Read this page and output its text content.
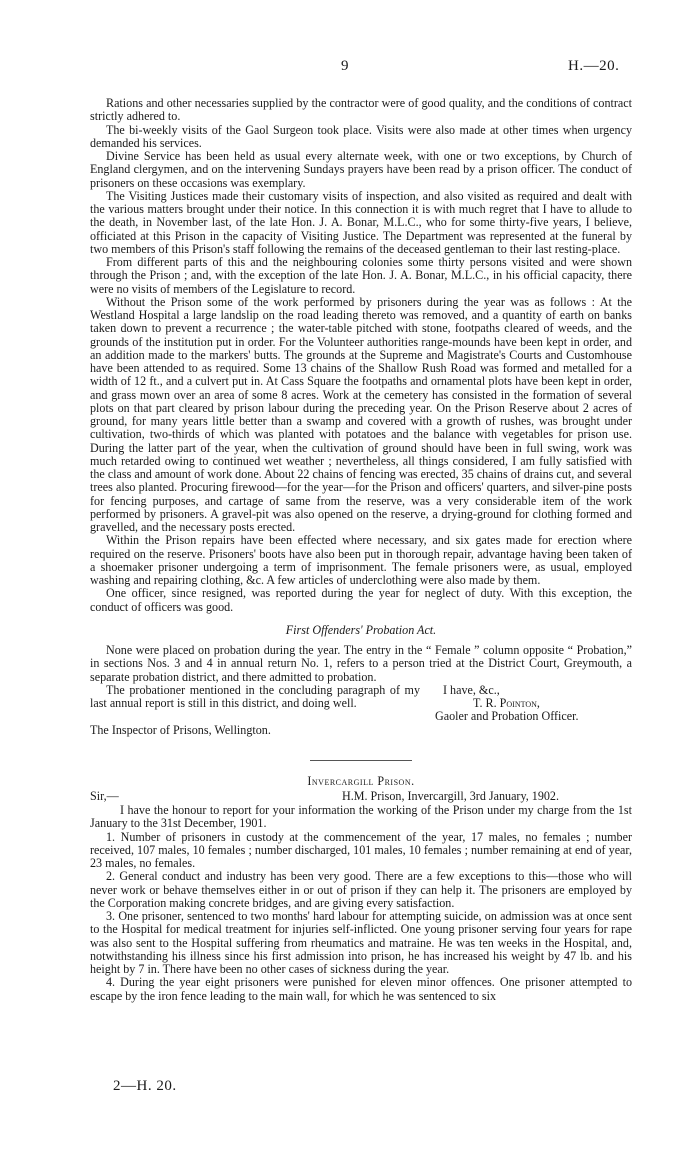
9	H.—20.

Rations and other necessaries supplied by the contractor were of good quality, and the conditions of contract strictly adhered to.

The bi-weekly visits of the Gaol Surgeon took place. Visits were also made at other times when urgency demanded his services.

Divine Service has been held as usual every alternate week, with one or two exceptions, by Church of England clergymen, and on the intervening Sundays prayers have been read by a prison officer. The conduct of prisoners on these occasions was exemplary.

The Visiting Justices made their customary visits of inspection, and also visited as required and dealt with the various matters brought under their notice. In this connection it is with much regret that I have to allude to the death, in November last, of the late Hon. J. A. Bonar, M.L.C., who for some thirty-five years, I believe, officiated at this Prison in the capacity of Visiting Justice. The Department was represented at the funeral by two members of this Prison's staff following the remains of the deceased gentleman to their last resting-place.

From different parts of this and the neighbouring colonies some thirty persons visited and were shown through the Prison ; and, with the exception of the late Hon. J. A. Bonar, M.L.C., in his official capacity, there were no visits of members of the Legislature to record.

Without the Prison some of the work performed by prisoners during the year was as follows : At the Westland Hospital a large landslip on the road leading thereto was removed, and a quantity of earth on banks taken down to prevent a recurrence ; the water-table pitched with stone, footpaths cleared of weeds, and the grounds of the institution put in order. For the Volunteer authorities range-mounds have been kept in order, and an addition made to the markers' butts. The grounds at the Supreme and Magistrate's Courts and Customhouse have been attended to as required. Some 13 chains of the Shallow Rush Road was formed and metalled for a width of 12 ft., and a culvert put in. At Cass Square the footpaths and ornamental plots have been kept in order, and grass mown over an area of some 8 acres. Work at the cemetery has consisted in the formation of several plots on that part cleared by prison labour during the preceding year. On the Prison Reserve about 2 acres of ground, for many years little better than a swamp and covered with a growth of rushes, was brought under cultivation, two-thirds of which was planted with potatoes and the balance with vegetables for prison use. During the latter part of the year, when the cultivation of ground should have been in full swing, work was much retarded owing to continued wet weather ; nevertheless, all things considered, I am fully satisfied with the class and amount of work done. About 22 chains of fencing was erected, 35 chains of drains cut, and several trees also planted. Procuring firewood—for the year—for the Prison and officers' quarters, and silver-pine posts for fencing purposes, and cartage of same from the reserve, was a very considerable item of the work performed by prisoners. A gravel-pit was also opened on the reserve, a drying-ground for clothing formed and gravelled, and the necessary posts erected.

Within the Prison repairs have been effected where necessary, and six gates made for erection where required on the reserve. Prisoners' boots have also been put in thorough repair, advantage having been taken of a shoemaker prisoner undergoing a term of imprisonment. The female prisoners were, as usual, employed washing and repairing clothing, &c. A few articles of underclothing were also made by them.

One officer, since resigned, was reported during the year for neglect of duty. With this exception, the conduct of officers was good.

First Offenders' Probation Act.

None were placed on probation during the year. The entry in the “ Female ” column opposite “ Probation,” in sections Nos. 3 and 4 in annual return No. 1, refers to a person tried at the District Court, Greymouth, a separate probation district, and there admitted to probation.

The probationer mentioned in the concluding paragraph of my last annual report is still in this district, and doing well.

The Inspector of Prisons, Wellington.
I have, &c.,
T. R. Pointon,
Gaoler and Probation Officer.
Invercargill Prison.
Sir,—	H.M. Prison, Invercargill, 3rd January, 1902.

I have the honour to report for your information the working of the Prison under my charge from the 1st January to the 31st December, 1901.

1. Number of prisoners in custody at the commencement of the year, 17 males, no females ; number received, 107 males, 10 females ; number discharged, 101 males, 10 females ; number remaining at end of year, 23 males, no females.

2. General conduct and industry has been very good. There are a few exceptions to this—those who will never work or behave themselves either in or out of prison if they can help it. The prisoners are employed by the Corporation making concrete bridges, and are giving every satisfaction.

3. One prisoner, sentenced to two months' hard labour for attempting suicide, on admission was at once sent to the Hospital for medical treatment for injuries self-inflicted. One young prisoner serving four years for rape was also sent to the Hospital suffering from rheumatics and matraine. He was ten weeks in the Hospital, and, notwithstanding his illness since his first admission into prison, he has increased his weight by 47 lb. and his height by 7 in. There have been no other cases of sickness during the year.

4. During the year eight prisoners were punished for eleven minor offences. One prisoner attempted to escape by the iron fence leading to the main wall, for which he was sentenced to six

2—H. 20.
